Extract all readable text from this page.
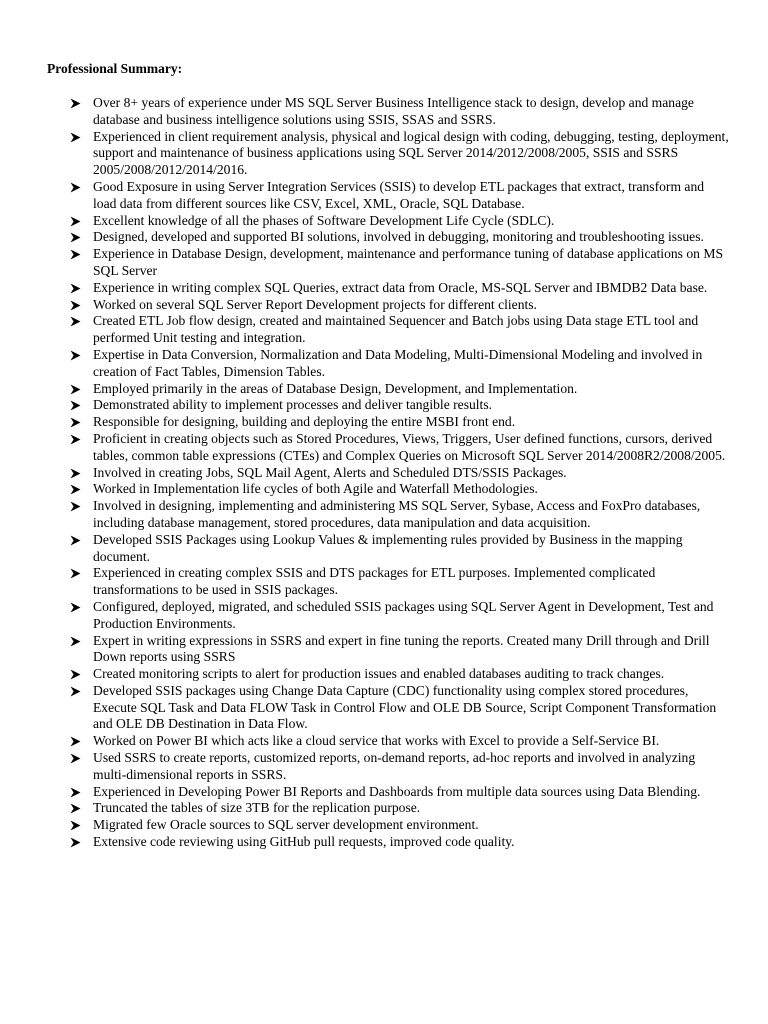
Professional Summary:
Over 8+ years of experience under MS SQL Server Business Intelligence stack to design, develop and manage database and business intelligence solutions using SSIS, SSAS and SSRS.
Experienced in client requirement analysis, physical and logical design with coding, debugging, testing, deployment, support and maintenance of business applications using SQL Server 2014/2012/2008/2005, SSIS and SSRS 2005/2008/2012/2014/2016.
Good Exposure in using Server Integration Services (SSIS) to develop ETL packages that extract, transform and load data from different sources like CSV, Excel, XML, Oracle, SQL Database.
Excellent knowledge of all the phases of Software Development Life Cycle (SDLC).
Designed, developed and supported BI solutions, involved in debugging, monitoring and troubleshooting issues.
Experience in Database Design, development, maintenance and performance tuning of database applications on MS SQL Server
Experience in writing complex SQL Queries, extract data from Oracle, MS-SQL Server and IBMDB2 Data base.
Worked on several SQL Server Report Development projects for different clients.
Created ETL Job flow design, created and maintained Sequencer and Batch jobs using Data stage ETL tool and performed Unit testing and integration.
Expertise in Data Conversion, Normalization and Data Modeling, Multi-Dimensional Modeling and involved in creation of Fact Tables, Dimension Tables.
Employed primarily in the areas of Database Design, Development, and Implementation.
Demonstrated ability to implement processes and deliver tangible results.
Responsible for designing, building and deploying the entire MSBI front end.
Proficient in creating objects such as Stored Procedures, Views, Triggers, User defined functions, cursors, derived tables, common table expressions (CTEs) and Complex Queries on Microsoft SQL Server 2014/2008R2/2008/2005.
Involved in creating Jobs, SQL Mail Agent, Alerts and Scheduled DTS/SSIS Packages.
Worked in Implementation life cycles of both Agile and Waterfall Methodologies.
Involved in designing, implementing and administering MS SQL Server, Sybase, Access and FoxPro databases, including database management, stored procedures, data manipulation and data acquisition.
Developed SSIS Packages using Lookup Values & implementing rules provided by Business in the mapping document.
Experienced in creating complex SSIS and DTS packages for ETL purposes. Implemented complicated transformations to be used in SSIS packages.
Configured, deployed, migrated, and scheduled SSIS packages using SQL Server Agent in Development, Test and Production Environments.
Expert in writing expressions in SSRS and expert in fine tuning the reports. Created many Drill through and Drill Down reports using SSRS
Created monitoring scripts to alert for production issues and enabled databases auditing to track changes.
Developed SSIS packages using Change Data Capture (CDC) functionality using complex stored procedures, Execute SQL Task and Data FLOW Task in Control Flow and OLE DB Source, Script Component Transformation and OLE DB Destination in Data Flow.
Worked on Power BI which acts like a cloud service that works with Excel to provide a Self-Service BI.
Used SSRS to create reports, customized reports, on-demand reports, ad-hoc reports and involved in analyzing multi-dimensional reports in SSRS.
Experienced in Developing Power BI Reports and Dashboards from multiple data sources using Data Blending.
Truncated the tables of size 3TB for the replication purpose.
Migrated few Oracle sources to SQL server development environment.
Extensive code reviewing using GitHub pull requests, improved code quality.
